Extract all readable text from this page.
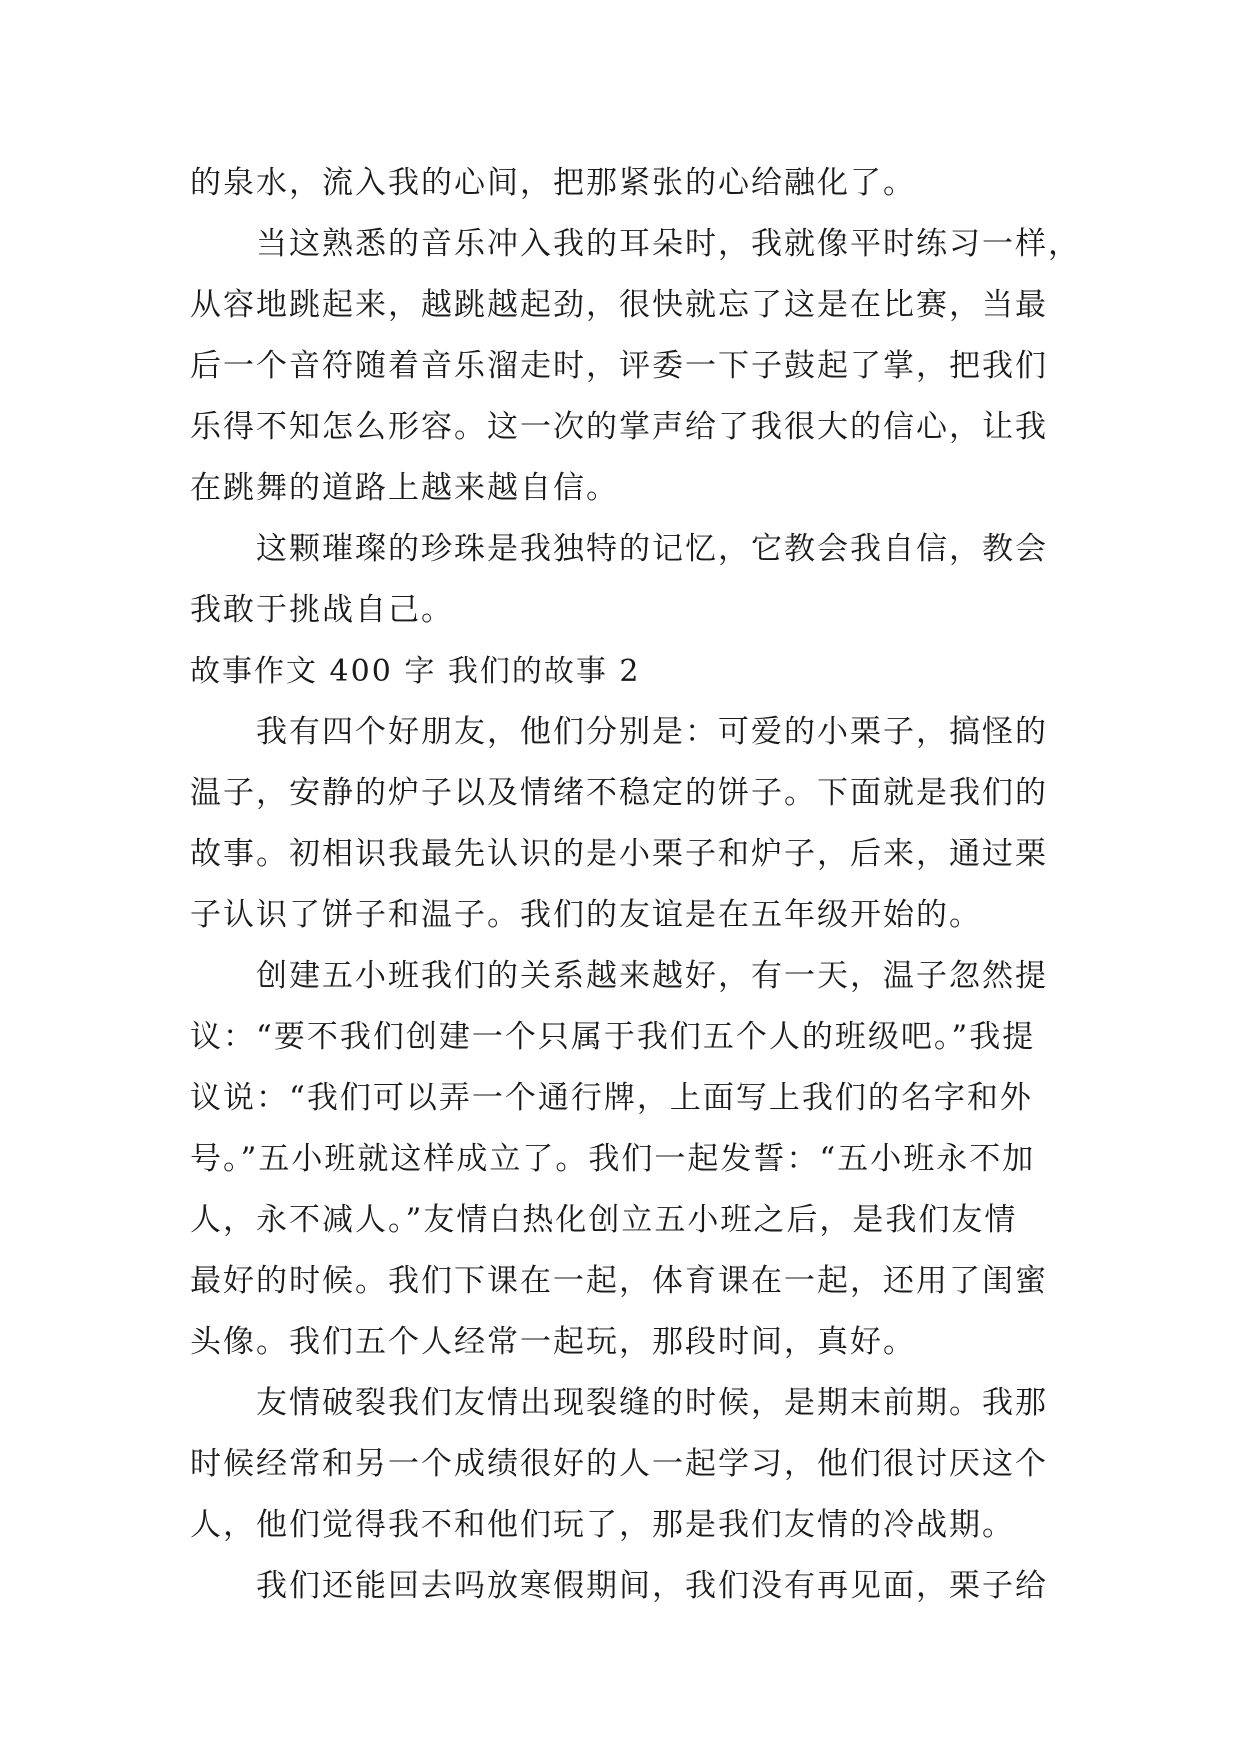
的泉水，流入我的心间，把那紧张的心给融化了。
当这熟悉的音乐冲入我的耳朵时，我就像平时练习一样，
从容地跳起来，越跳越起劲，很快就忘了这是在比赛，当最
后一个音符随着音乐溜走时，评委一下子鼓起了掌，把我们
乐得不知怎么形容。这一次的掌声给了我很大的信心，让我
在跳舞的道路上越来越自信。
这颗璀璨的珍珠是我独特的记忆，它教会我自信，教会
我敢于挑战自己。
故事作文 400 字 我们的故事 2
我有四个好朋友，他们分别是：可爱的小栗子，搞怪的
温子，安静的炉子以及情绪不稳定的饼子。下面就是我们的
故事。初相识我最先认识的是小栗子和炉子，后来，通过栗
子认识了饼子和温子。我们的友谊是在五年级开始的。
创建五小班我们的关系越来越好，有一天，温子忽然提
议：“要不我们创建一个只属于我们五个人的班级吧。”我提
议说：“我们可以弄一个通行牌，上面写上我们的名字和外
号。”五小班就这样成立了。我们一起发誓：“五小班永不加
人，永不减人。”友情白热化创立五小班之后，是我们友情
最好的时候。我们下课在一起，体育课在一起，还用了闺蜜
头像。我们五个人经常一起玩，那段时间，真好。
友情破裂我们友情出现裂缝的时候，是期末前期。我那
时候经常和另一个成绩很好的人一起学习，他们很讨厌这个
人，他们觉得我不和他们玩了，那是我们友情的冷战期。
我们还能回去吗放寒假期间，我们没有再见面，栗子给
